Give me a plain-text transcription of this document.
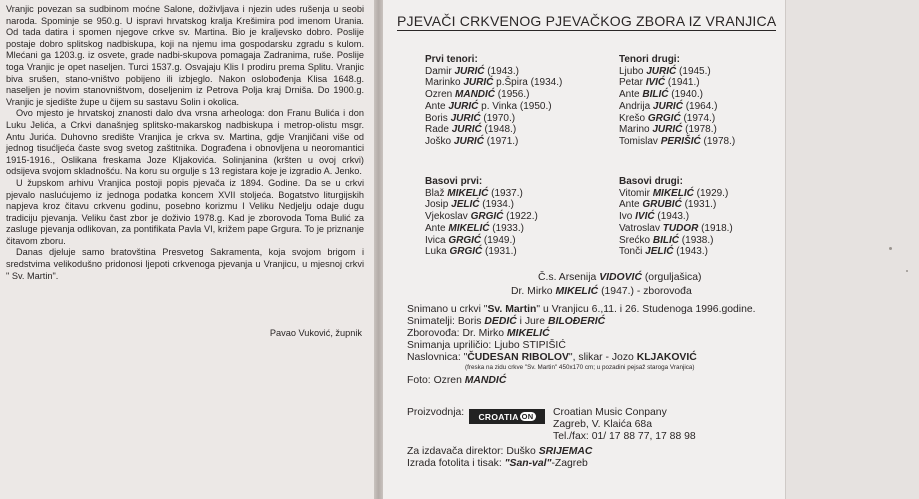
Vranjic povezan sa sudbinom moćne Salone, doživljava i njezin udes rušenja u seobi naroda. Spominje se 950.g. U ispravi hrvatskog kralja Krešimira pod imenom Urania. Od tada datira i spomen njegove crkve sv. Martina. Bio je kraljevsko dobro. Poslije postaje dobro splitskog nadbiskupa, koji na njemu ima gospodarsku zgradu s kulom. Mlećani ga 1203.g. iz osvete, grade nadbi-skupova pomagaja Zadranima, ruše. Poslije toga Vranjic je opet naseljen. Turci 1537.g. Osvajaju Klis I prodiru prema Splitu. Vranjic biva srušen, stano-vništvo pobijeno ili izbjeglo. Nakon oslobođenja Klisa 1648.g. naseljen je novim stanovništvom, doseljenim iz Petrova Polja kraj Drniša. Do 1900.g. Vranjic je sjedište župe u čijem su sastavu Solin i okolica.

Ovo mjesto je hrvatskoj znanosti dalo dva vrsna arheologa: don Franu Bulića i don Luku Jelića, a Crkvi današnjeg splitsko-makarskog nadbiskupa i metrop-olistu msgr. Antu Jurića. Duhovno središte Vranjica je crkva sv. Martina, gdje Vranjičani više od jednog tisućljeća časte svog svetog zaštitnika. Dograđena i obnovljena u neoromantici 1915-1916., Oslikana freskama Joze Kljakovića. Solinjanina (kršten u ovoj crkvi) odsijeva svojom skladnošću. Na koru su orgulje s 13 registara koje je izgradio A. Jenko.

U župskom arhivu Vranjica postoji popis pjevača iz 1894. Godine. Da se u crkvi pjevalo naslućujemo iz jednoga podatka koncem XVII stoljeća. Bogatstvo liturgijskih napjeva kroz čitavu crkvenu godinu, posebno korizmu I Veliku Nedjelju odaje dugu tradiciju pjevanja. Veliku čast zbor je doživio 1978.g. Kad je zborovoda Toma Bulić za zasluge pjevanja odlikovan, za pontifikata Pavla VI, križem pape Grgura. To je priznanje čitavom zboru.

Danas djeluje samo bratovština Presvetog Sakramenta, koja svojom brigom i sredstvima velikodušno pridonosi ljepoti crkvenoga pjevanja u Vranjicu, u mjesnoj crkvi " Sv. Martin".

Pavao Vuković, župnik
PJEVAČI CRKVENOG PJEVAČKOG ZBORA IZ VRANJICA
Prvi tenori:
Damir JURIĆ (1943.)
Marinko JURIĆ p.Špira (1934.)
Ozren MANDIĆ (1956.)
Ante JURIĆ p. Vinka (1950.)
Boris JURIĆ (1970.)
Rade JURIĆ (1948.)
Joško JURIĆ (1971.)
Tenori drugi:
Ljubo JURIĆ (1945.)
Petar IVIĆ (1941.)
Ante BILIĆ (1940.)
Andrija JURIĆ (1964.)
Krešo GRGIĆ (1974.)
Marino JURIĆ (1978.)
Tomislav PERIŠIĆ (1978.)
Basovi prvi:
Blaž MIKELIĆ (1937.)
Josip JELIĆ (1934.)
Vjekoslav GRGIĆ (1922.)
Ante MIKELIĆ (1933.)
Ivica GRGIĆ (1949.)
Luka GRGIĆ (1931.)
Basovi drugi:
Vitomir MIKELIĆ (1929.)
Ante GRUBIĆ (1931.)
Ivo IVIĆ (1943.)
Vatroslav TUDOR (1918.)
Srećko BILIĆ (1938.)
Tonči JELIĆ (1943.)
Č.s. Arsenija VIDOVIĆ (orguljašica)
Dr. Mirko MIKELIĆ (1947.) - zborovođa
Snimano u crkvi "Sv. Martin" u Vranjicu 6.,11. i 26. Studenoga 1996.godine.
Snimatelji: Boris DEDIĆ i Jure BILOĐERIĆ
Zborovođa: Dr. Mirko MIKELIĆ
Snimanja upriličio: Ljubo STIPIŠIĆ
Naslovnica: "ČUDESAN RIBOLOV", slikar - Jozo KLJAKOVIĆ
(freska na zidu crkve "Sv. Martin" 450x170 cm; u pozadini pejsaž staroga Vranjica)
Foto: Ozren MANDIĆ
Proizvodnja: CROATIA ON Croatian Music Conpany
Zagreb, V. Klaića 68a
Tel./fax: 01/ 17 88 77, 17 88 98
Za izdavača direktor: Duško SRIJEMAC
Izrada fotolita i tisak: "San-val"-Zagreb
